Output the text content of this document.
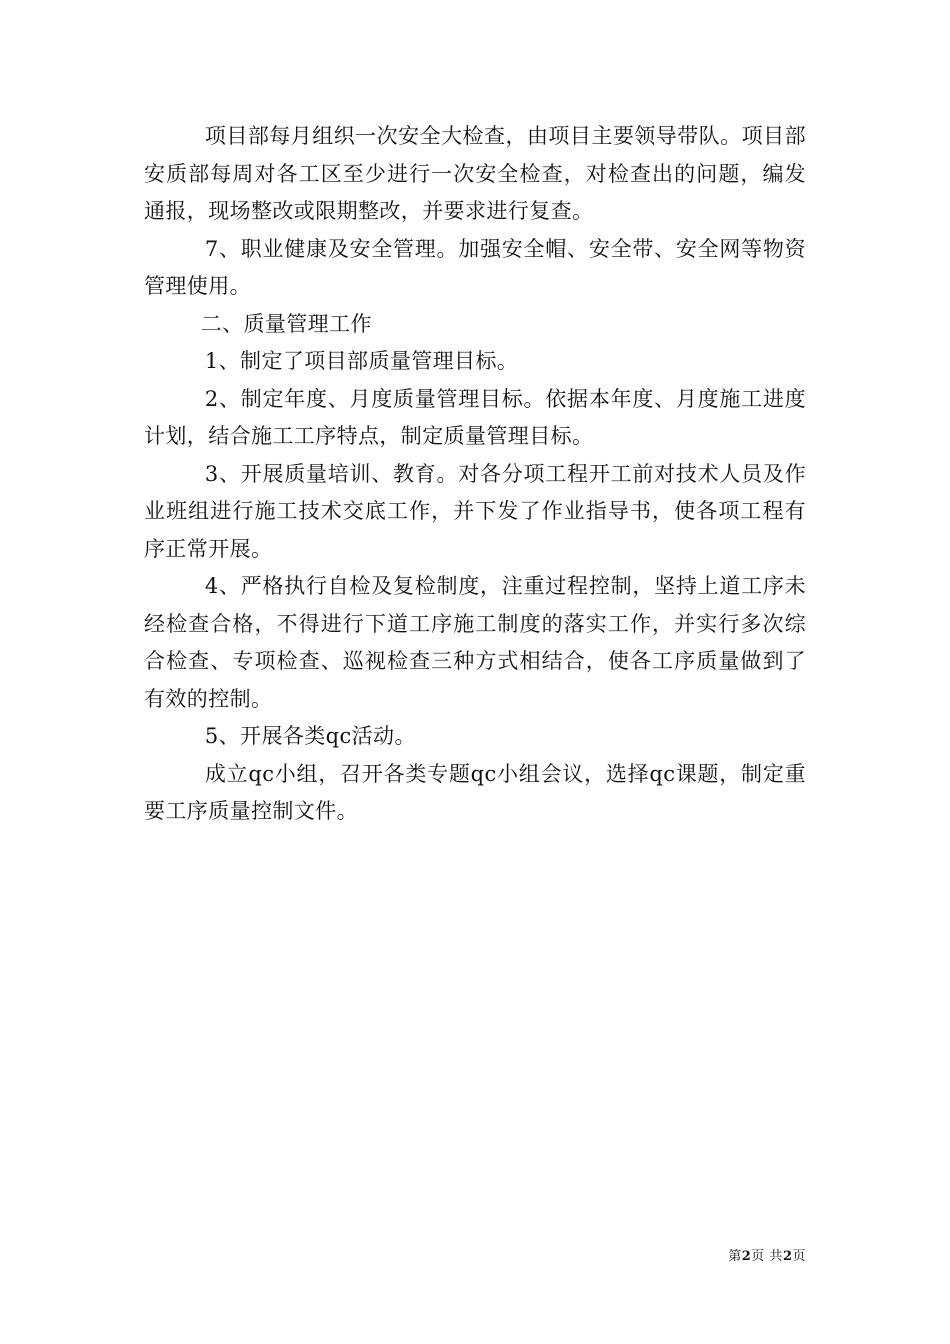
项目部每月组织一次安全大检查，由项目主要领导带队。项目部安质部每周对各工区至少进行一次安全检查，对检查出的问题，编发通报，现场整改或限期整改，并要求进行复查。

7、职业健康及安全管理。加强安全帽、安全带、安全网等物资管理使用。

二、质量管理工作

1、制定了项目部质量管理目标。

2、制定年度、月度质量管理目标。依据本年度、月度施工进度计划，结合施工工序特点，制定质量管理目标。

3、开展质量培训、教育。对各分项工程开工前对技术人员及作业班组进行施工技术交底工作，并下发了作业指导书，使各项工程有序正常开展。

4、严格执行自检及复检制度，注重过程控制，坚持上道工序未经检查合格，不得进行下道工序施工制度的落实工作，并实行多次综合检查、专项检查、巡视检查三种方式相结合，使各工序质量做到了有效的控制。

5、开展各类qc活动。

成立qc小组，召开各类专题qc小组会议，选择qc课题，制定重要工序质量控制文件。

第2页 共2页
